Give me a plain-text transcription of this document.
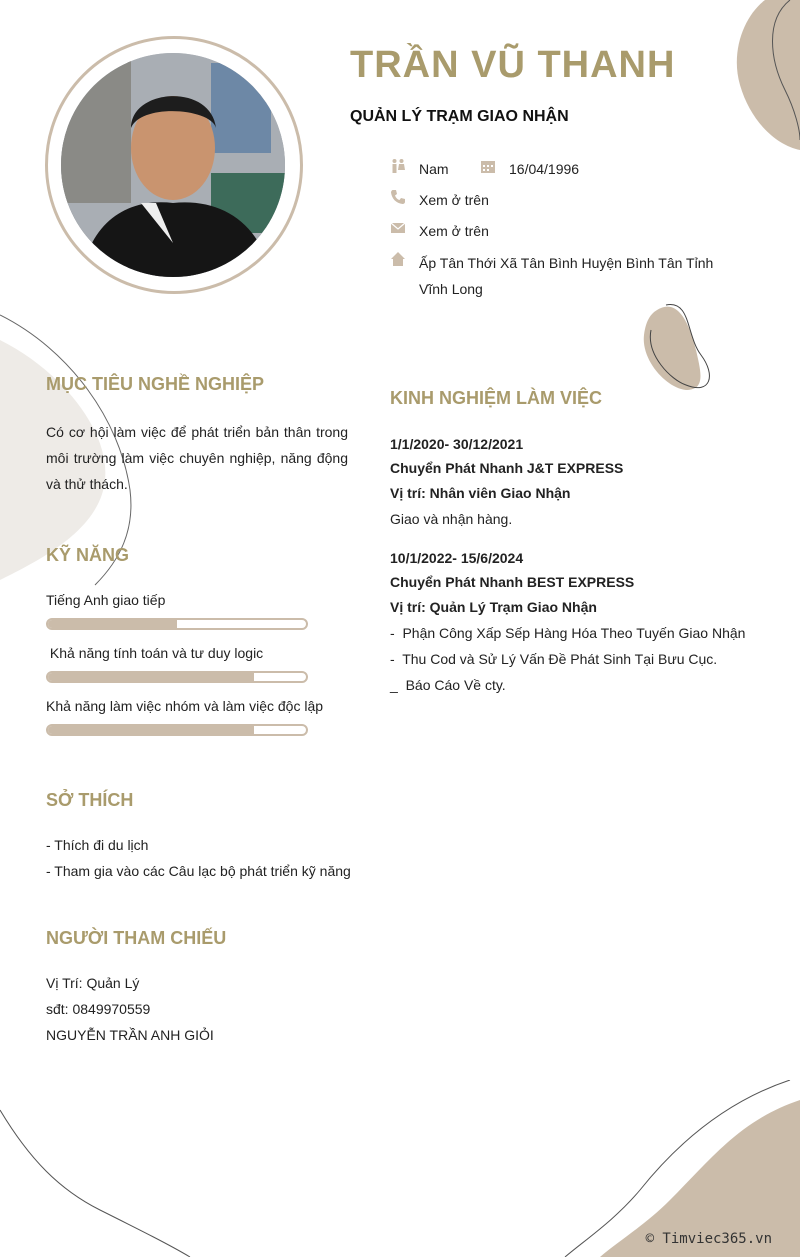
TRẦN VŨ THANH
QUẢN LÝ TRẠM GIAO NHẬN
Nam	16/04/1996
Xem ở trên
Xem ở trên
Ấp Tân Thới Xã Tân Bình Huyện Bình Tân Tỉnh Vĩnh Long
MỤC TIÊU NGHỀ NGHIỆP
Có cơ hội làm việc để phát triển bản thân trong môi trường làm việc chuyên nghiệp, năng động và thử thách.
KỸ NĂNG
Tiếng Anh giao tiếp
Khả năng tính toán và tư duy logic
Khả năng làm việc nhóm và làm việc độc lập
SỞ THÍCH
- Thích đi du lịch
- Tham gia vào các Câu lạc bộ phát triển kỹ năng
NGƯỜI THAM CHIẾU
Vị Trí: Quản Lý
sđt: 0849970559
NGUYỄN TRẦN ANH GIỎI
KINH NGHIỆM LÀM VIỆC
1/1/2020- 30/12/2021
Chuyển Phát Nhanh J&T EXPRESS
Vị trí: Nhân viên Giao Nhận
Giao và nhận hàng.
10/1/2022- 15/6/2024
Chuyển Phát Nhanh BEST EXPRESS
Vị trí: Quản Lý Trạm Giao Nhận
-  Phận Công Xấp Sếp Hàng Hóa Theo Tuyến Giao Nhận
-  Thu Cod và Sử Lý Vấn Đề Phát Sinh Tại Bưu Cục.
_  Báo Cáo Về cty.
© Timviec365.vn
